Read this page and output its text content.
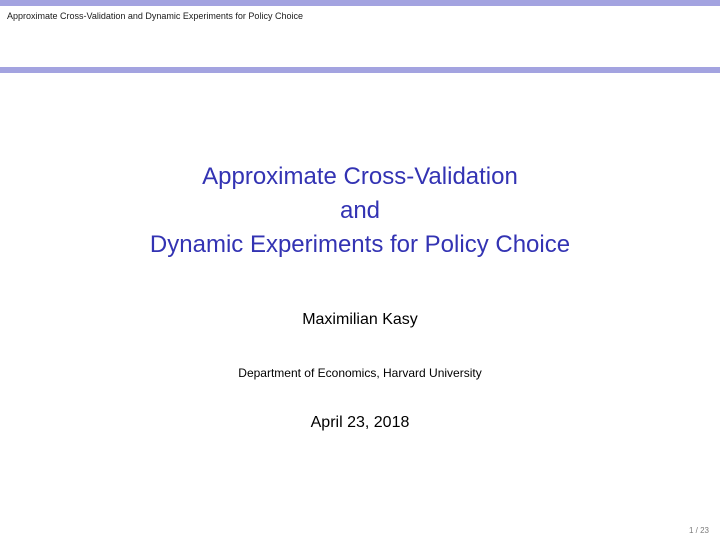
Approximate Cross-Validation and Dynamic Experiments for Policy Choice
Approximate Cross-Validation
and
Dynamic Experiments for Policy Choice
Maximilian Kasy
Department of Economics, Harvard University
April 23, 2018
1 / 23
